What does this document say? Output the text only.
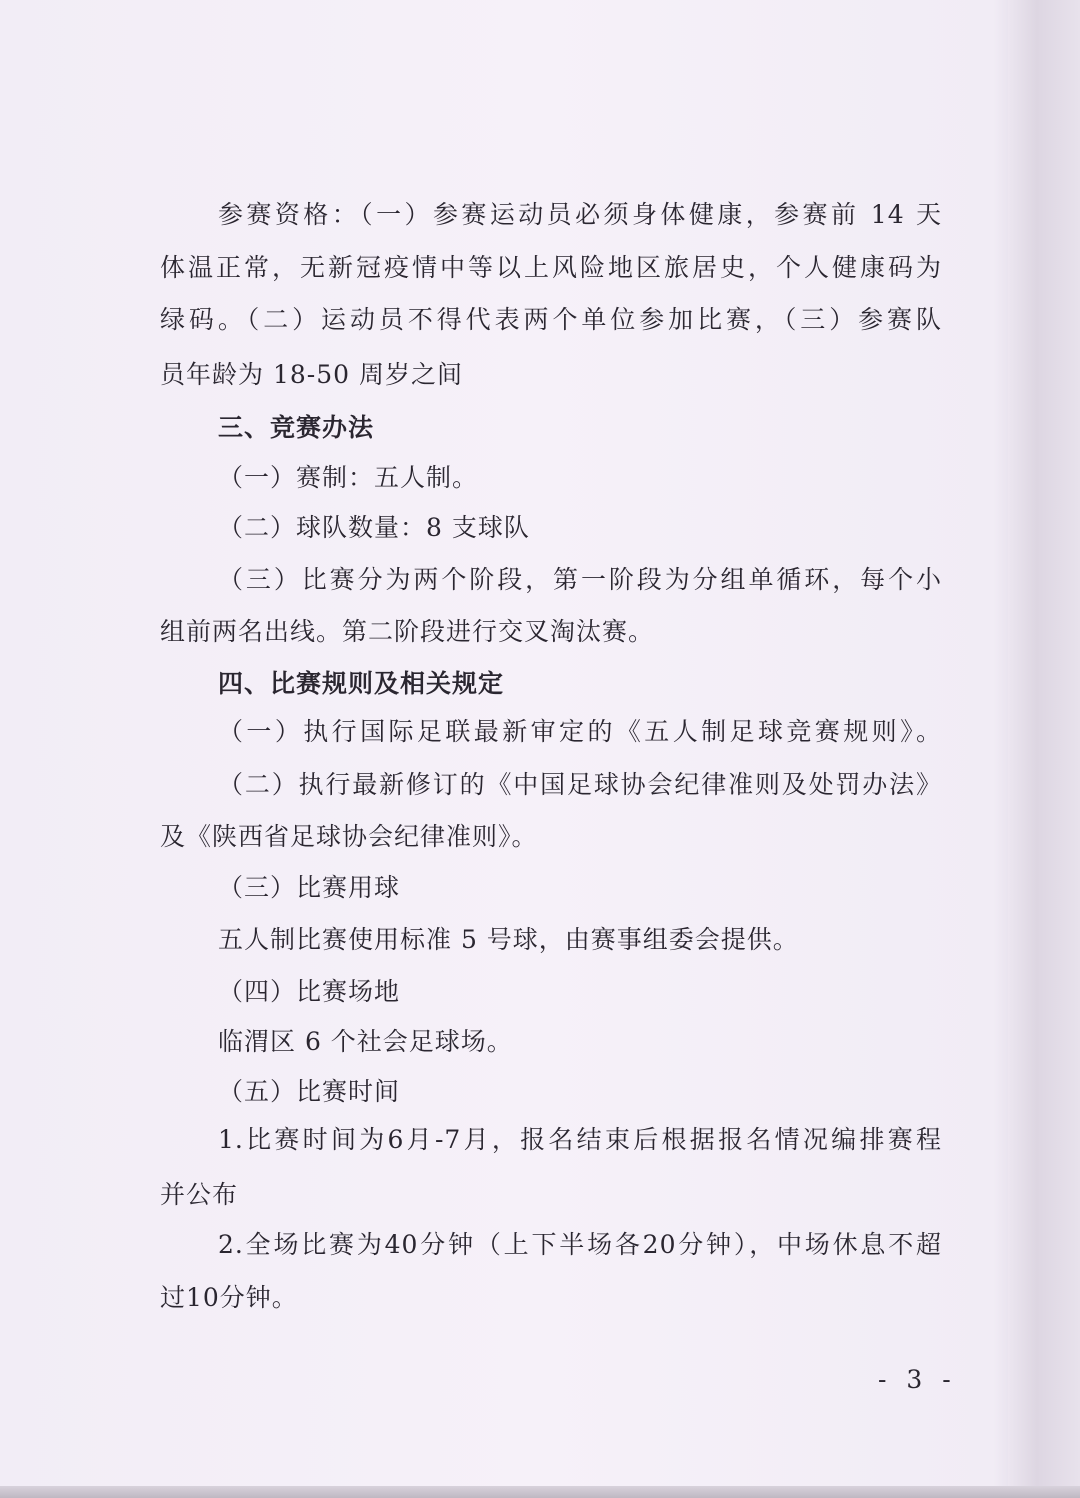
参赛资格：（一）参赛运动员必须身体健康，参赛前 14 天
体温正常，无新冠疫情中等以上风险地区旅居史，个人健康码为
绿码。（二）运动员不得代表两个单位参加比赛，（三）参赛队
员年龄为 18-50 周岁之间
三、竞赛办法
（一）赛制：五人制。
（二）球队数量：8 支球队
（三）比赛分为两个阶段，第一阶段为分组单循环，每个小
组前两名出线。第二阶段进行交叉淘汰赛。
四、比赛规则及相关规定
（一）执行国际足联最新审定的《五人制足球竞赛规则》。
（二）执行最新修订的《中国足球协会纪律准则及处罚办法》
及《陕西省足球协会纪律准则》。
（三）比赛用球
五人制比赛使用标准 5 号球，由赛事组委会提供。
（四）比赛场地
临渭区 6 个社会足球场。
（五）比赛时间
1.比赛时间为6月-7月，报名结束后根据报名情况编排赛程
并公布
2.全场比赛为40分钟（上下半场各20分钟），中场休息不超
过10分钟。
- 3 -
